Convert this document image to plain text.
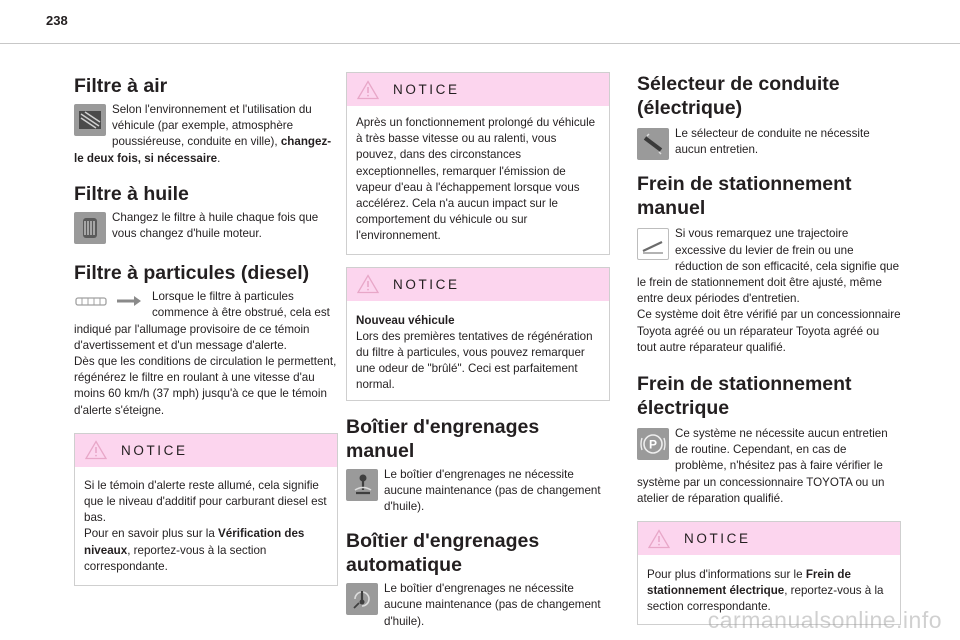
238
Filtre à air

Selon l'environnement et l'utilisation du véhicule (par exemple, atmosphère poussiéreuse, conduite en ville), changez-le deux fois, si nécessaire.

Filtre à huile

Changez le filtre à huile chaque fois que vous changez d'huile moteur.

Filtre à particules (diesel)

Lorsque le filtre à particules commence à être obstrué, cela est indiqué par l'allumage provisoire de ce témoin d'avertissement et d'un message d'alerte.

Dès que les conditions de circulation le permettent, régénérez le filtre en roulant à une vitesse d'au moins 60 km/h (37 mph) jusqu'à ce que le témoin d'alerte s'éteigne.

NOTICE

Si le témoin d'alerte reste allumé, cela signifie que le niveau d'additif pour carburant diesel est bas.

Pour en savoir plus sur la Vérification des niveaux, reportez-vous à la section correspondante.

NOTICE

Après un fonctionnement prolongé du véhicule à très basse vitesse ou au ralenti, vous pouvez, dans des circonstances exceptionnelles, remarquer l'émission de vapeur d'eau à l'échappement lorsque vous accélérez. Cela n'a aucun impact sur le comportement du véhicule ou sur l'environnement.

NOTICE

Nouveau véhicule

Lors des premières tentatives de régénération du filtre à particules, vous pouvez remarquer une odeur de "brûlé". Ceci est parfaitement normal.

Boîtier d'engrenages manuel

Le boîtier d'engrenages ne nécessite aucune maintenance (pas de changement d'huile).

Boîtier d'engrenages automatique

Le boîtier d'engrenages ne nécessite aucune maintenance (pas de changement d'huile).

Sélecteur de conduite (électrique)

Le sélecteur de conduite ne nécessite aucun entretien.

Frein de stationnement manuel

Si vous remarquez une trajectoire excessive du levier de frein ou une réduction de son efficacité, cela signifie que le frein de stationnement doit être ajusté, même entre deux périodes d'entretien.

Ce système doit être vérifié par un concessionnaire Toyota agréé ou un réparateur Toyota agréé ou tout autre réparateur qualifié.

Frein de stationnement électrique
P

Ce système ne nécessite aucun entretien de routine. Cependant, en cas de problème, n'hésitez pas à faire vérifier le système par un concessionnaire TOYOTA ou un atelier de réparation qualifié.

NOTICE

Pour plus d'informations sur le Frein de stationnement électrique, reportez-vous à la section correspondante.

carmanualsonline.info
